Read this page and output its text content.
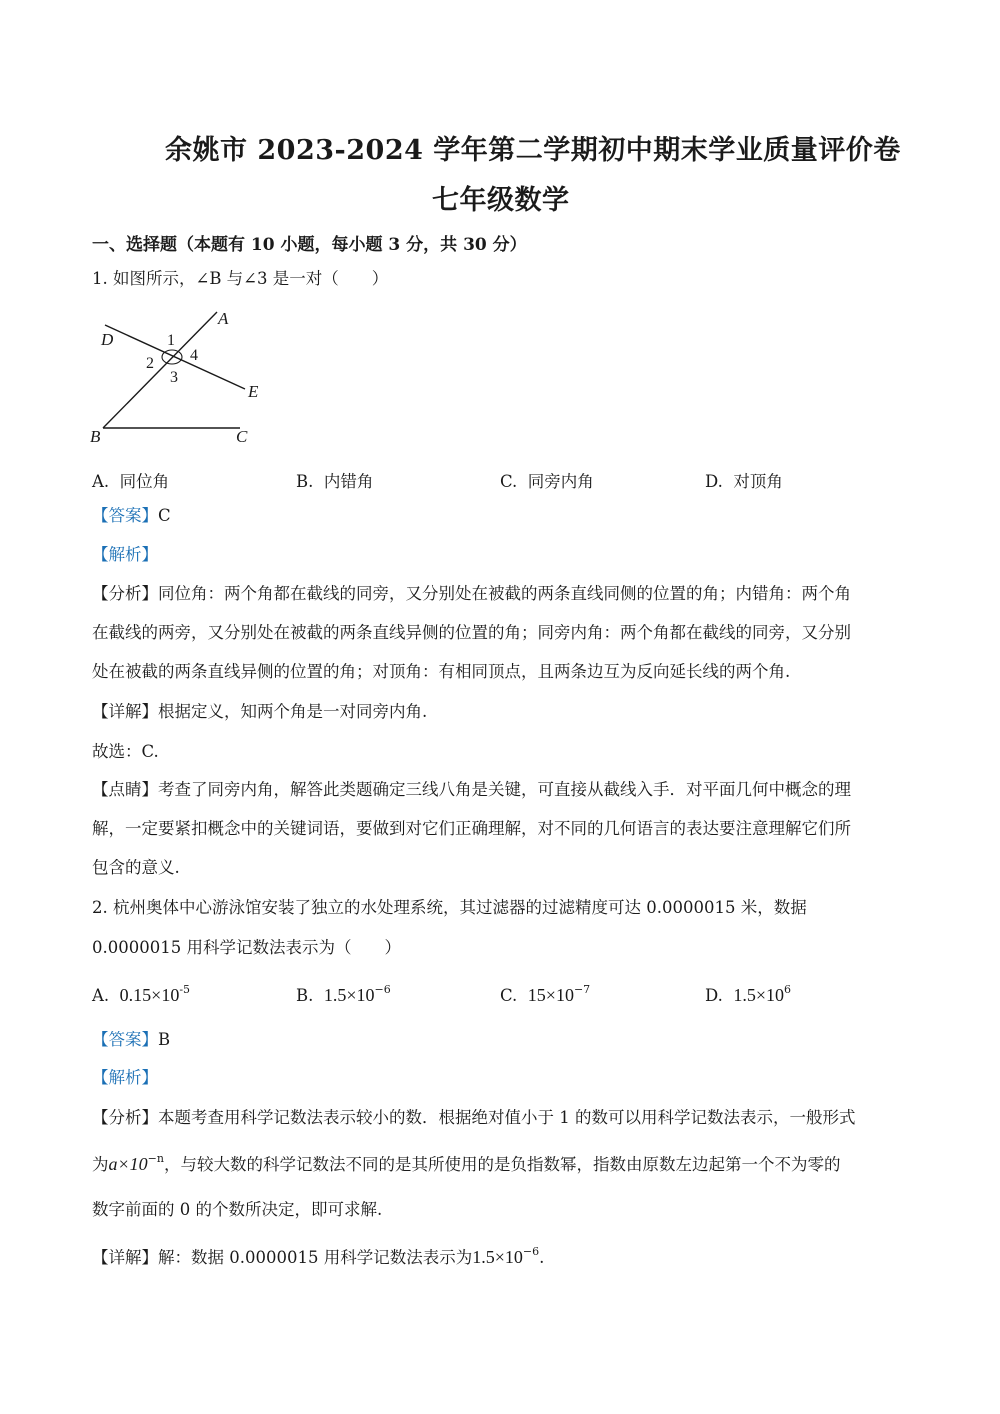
余姚市 2023-2024 学年第二学期初中期末学业质量评价卷
七年级数学
一、选择题（本题有 10 小题，每小题 3 分，共 30 分）
1. 如图所示，∠B 与∠3 是一对（　　）
A
B	C
D
E
1
2
3
4
A. 同位角	B. 内错角	C. 同旁内角	D. 对顶角
【答案】C
【解析】
【分析】同位角：两个角都在截线的同旁，又分别处在被截的两条直线同侧的位置的角；内错角：两个角
在截线的两旁，又分别处在被截的两条直线异侧的位置的角；同旁内角：两个角都在截线的同旁，又分别
处在被截的两条直线异侧的位置的角；对顶角：有相同顶点，且两条边互为反向延长线的两个角.
【详解】根据定义，知两个角是一对同旁内角.
故选：C.
【点睛】考查了同旁内角，解答此类题确定三线八角是关键，可直接从截线入手．对平面几何中概念的理
解，一定要紧扣概念中的关键词语，要做到对它们正确理解，对不同的几何语言的表达要注意理解它们所
包含的意义.
2. 杭州奥体中心游泳馆安装了独立的水处理系统，其过滤器的过滤精度可达 0.0000015 米，数据
0.0000015 用科学记数法表示为（　　）
A. $0.15\times 10^{-5}$	B. $1.5\times 10^{-6}$	C. $15\times 10^{-7}$	D. $1.5\times 10^6$
【答案】B
【解析】
【分析】本题考查用科学记数法表示较小的数．根据绝对值小于 1 的数可以用科学记数法表示，一般形式
为$a\times 10^{-n}$，与较大数的科学记数法不同的是其所使用的是负指数幂，指数由原数左边起第一个不为零的
数字前面的 0 的个数所决定，即可求解.
【详解】解：数据 0.0000015 用科学记数法表示为$1.5\times 10^{-6}$.
